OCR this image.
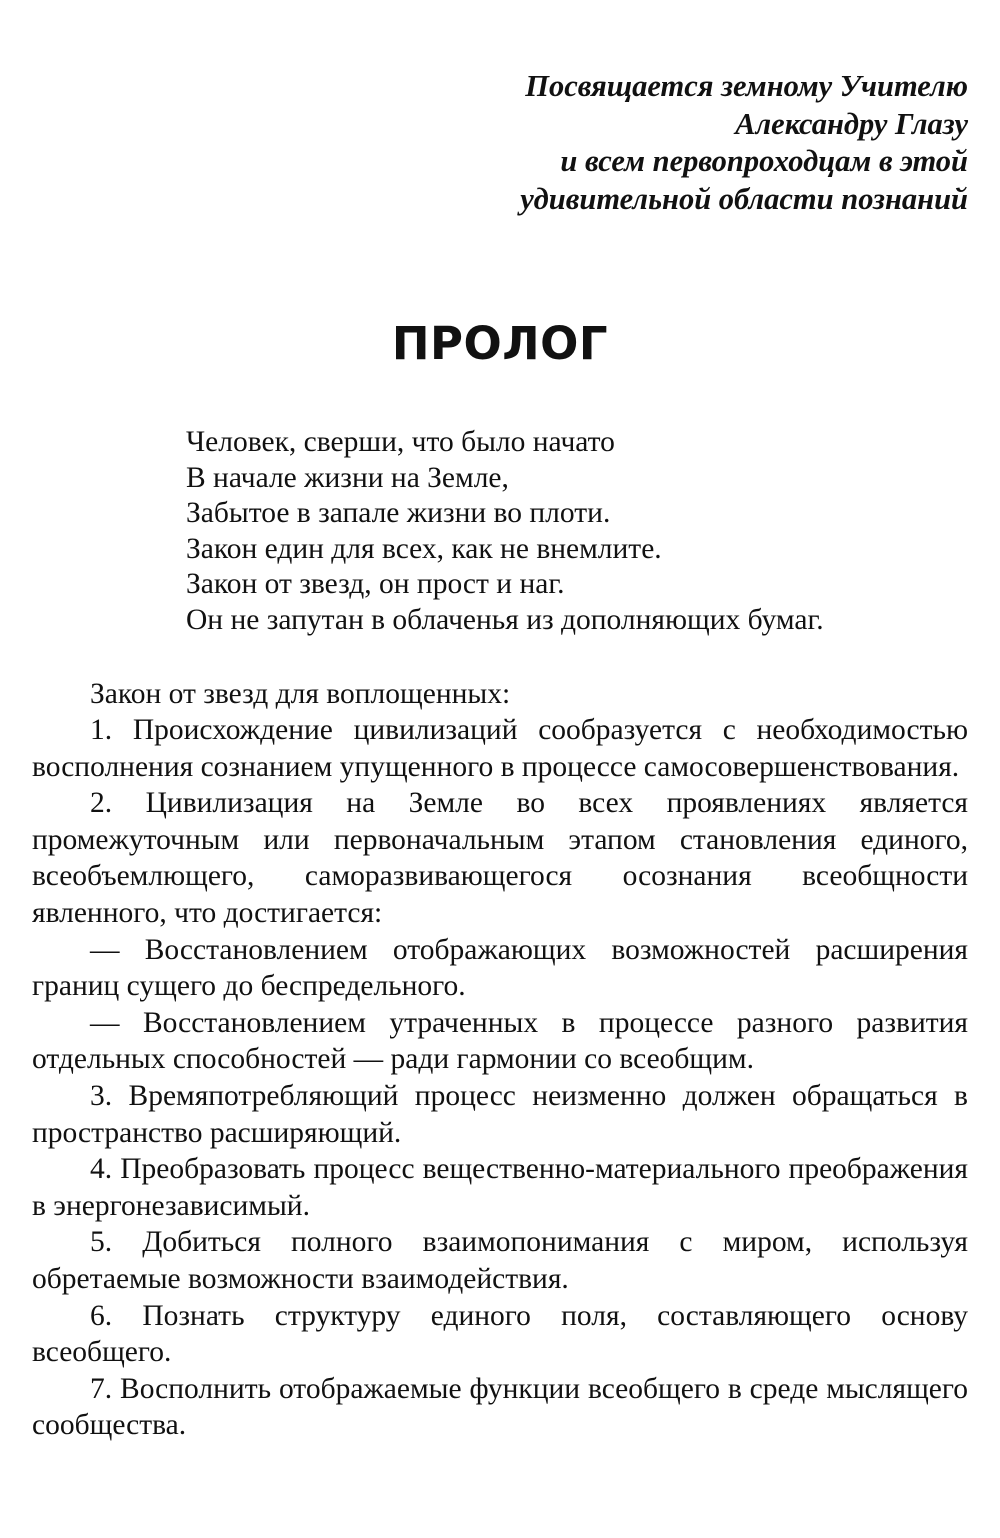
Посвящается земному Учителю
Александру Глазу
и всем первопроходцам в этой
удивительной области познаний
ПРОЛОГ
Человек, сверши, что было начато
В начале жизни на Земле,
Забытое в запале жизни во плоти.
Закон един для всех, как не внемлите.
Закон от звезд, он прост и наг.
Он не запутан в облаченья из дополняющих бумаг.
Закон от звезд для воплощенных:

1. Происхождение цивилизаций сообразуется с необходимостью восполнения сознанием упущенного в процессе самосовершенствования.

2. Цивилизация на Земле во всех проявлениях является промежуточным или первоначальным этапом становления единого, всеобъемлющего, саморазвивающегося осознания всеобщности явленного, что достигается:

— Восстановлением отображающих возможностей расширения границ сущего до беспредельного.

— Восстановлением утраченных в процессе разного развития отдельных способностей — ради гармонии со всеобщим.

3. Времяпотребляющий процесс неизменно должен обращаться в пространство расширяющий.

4. Преобразовать процесс вещественно-материального преображения в энергонезависимый.

5. Добиться полного взаимопонимания с миром, используя обретаемые возможности взаимодействия.

6. Познать структуру единого поля, составляющего основу всеобщего.

7. Восполнить отображаемые функции всеобщего в среде мыслящего сообщества.
